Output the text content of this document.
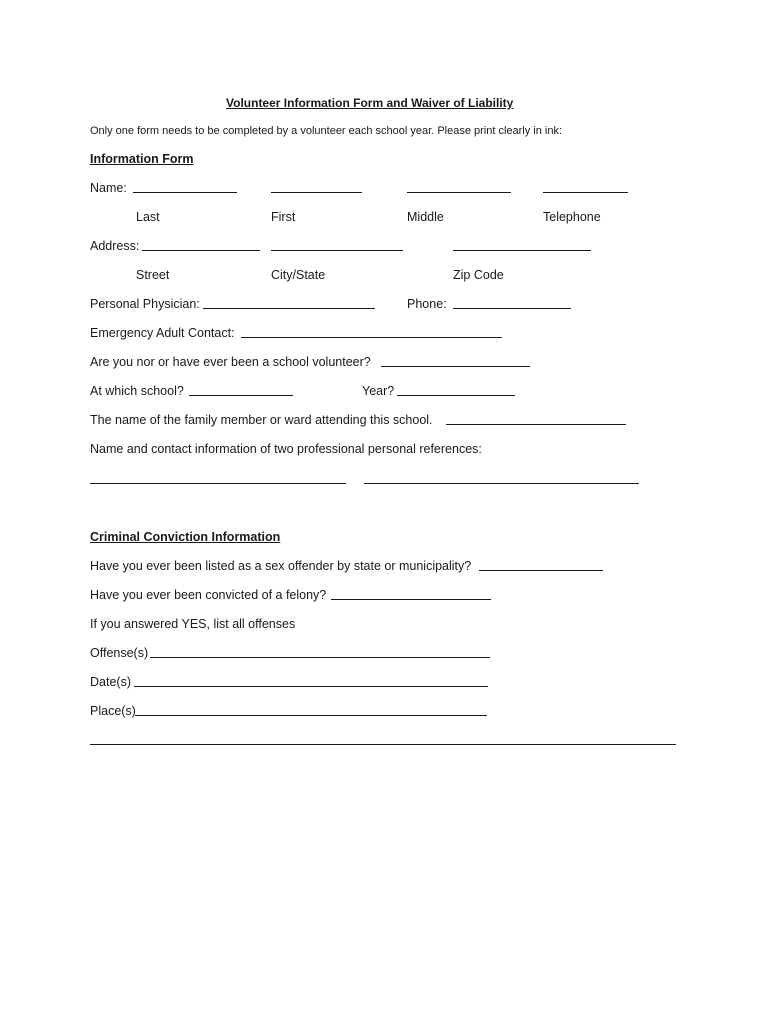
Volunteer Information Form and Waiver of Liability
Only one form needs to be completed by a volunteer each school year. Please print clearly in ink:
Information Form
Name:
Last	First	Middle	Telephone
Address:
Street	City/State	Zip Code
Personal Physician:	Phone:
Emergency Adult Contact:
Are you nor or have ever been a school volunteer?
At which school?	Year?
The name of the family member or ward attending this school.
Name and contact information of two professional personal references:
Criminal Conviction Information
Have you ever been listed as a sex offender by state or municipality?
Have you ever been convicted of a felony?
If you answered YES, list all offenses
Offense(s)
Date(s)
Place(s)
